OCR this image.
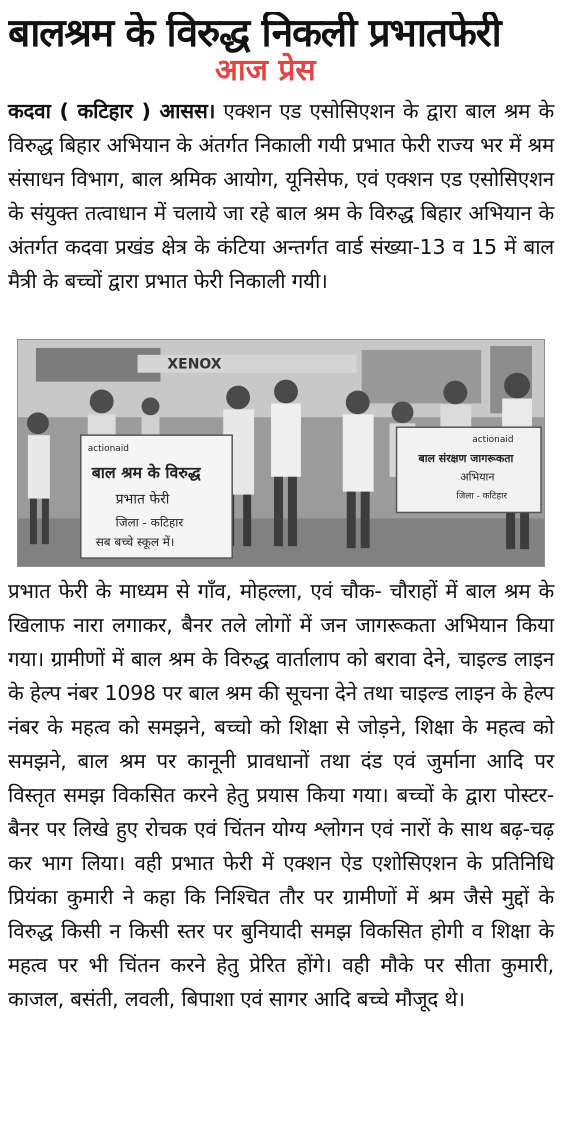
बालश्रम के विरुद्ध निकली प्रभातफेरी
आज प्रेस
कदवा ( कटिहार ) आसस। एक्शन एड एसोसिएशन के द्वारा बाल श्रम के विरुद्ध बिहार अभियान के अंतर्गत निकाली गयी प्रभात फेरी राज्य भर में श्रम संसाधन विभाग, बाल श्रमिक आयोग, यूनिसेफ, एवं एक्शन एड एसोसिएशन के संयुक्त तत्वाधान में चलाये जा रहे बाल श्रम के विरुद्ध बिहार अभियान के अंतर्गत कदवा प्रखंड क्षेत्र के कंटिया अन्तर्गत वार्ड संख्या-13 व 15 में बाल मैत्री के बच्चों द्वारा प्रभात फेरी निकाली गयी।
XENOX
actionaid
बाल श्रम के विरुद्ध
प्रभात फेरी
जिला - कटिहार
सब बच्चे स्कूल में।
actionaid
बाल संरक्षण जागरूकता
अभियान
जिला - कटिहार
प्रभात फेरी के माध्यम से गाँव, मोहल्ला, एवं चौक- चौराहों में बाल श्रम के खिलाफ नारा लगाकर, बैनर तले लोगों में जन जागरूकता अभियान किया गया। ग्रामीणों में बाल श्रम के विरुद्ध वार्तालाप को बरावा देने, चाइल्ड लाइन के हेल्प नंबर 1098 पर बाल श्रम की सूचना देने तथा चाइल्ड लाइन के हेल्प नंबर के महत्व को समझने, बच्चो को शिक्षा से जोड़ने, शिक्षा के महत्व को समझने, बाल श्रम पर कानूनी प्रावधानों तथा दंड एवं जुर्माना आदि पर विस्तृत समझ विकसित करने हेतु प्रयास किया गया। बच्चों के द्वारा पोस्टर-बैनर पर लिखे हुए रोचक एवं चिंतन योग्य श्लोगन एवं नारों के साथ बढ़-चढ़ कर भाग लिया। वही प्रभात फेरी में एक्शन ऐड एशोसिएशन के प्रतिनिधि प्रियंका कुमारी ने कहा कि निश्चित तौर पर ग्रामीणों में श्रम जैसे मुद्दों के विरुद्ध किसी न किसी स्तर पर बुनियादी समझ विकसित होगी व शिक्षा के महत्व पर भी चिंतन करने हेतु प्रेरित होंगे। वही मौके पर सीता कुमारी, काजल, बसंती, लवली, बिपाशा एवं सागर आदि बच्चे मौजूद थे।
